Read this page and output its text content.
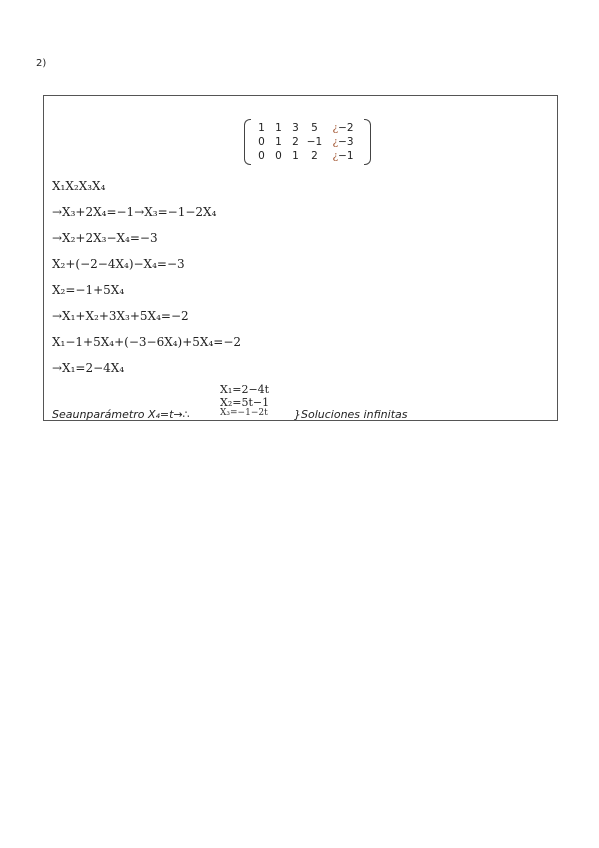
2)
1 1 3	5	¿−2
0 1 2 −1 ¿−3
0 0 1	2	¿−1
X₁X₂X₃X₄
→X₃+2X₄=−1→X₃=−1−2X₄
→X₂+2X₃−X₄=−3
X₂+(−2−4X₄)−X₄=−3
X₂=−1+5X₄
→X₁+X₂+3X₃+5X₄=−2
X₁−1+5X₄+(−3−6X₄)+5X₄=−2
→X₁=2−4X₄
X₁=2−4t
X₂=5t−1
X₃=−1−2t
Seaunparámetro X₄=t→∴	}Soluciones infinitas
